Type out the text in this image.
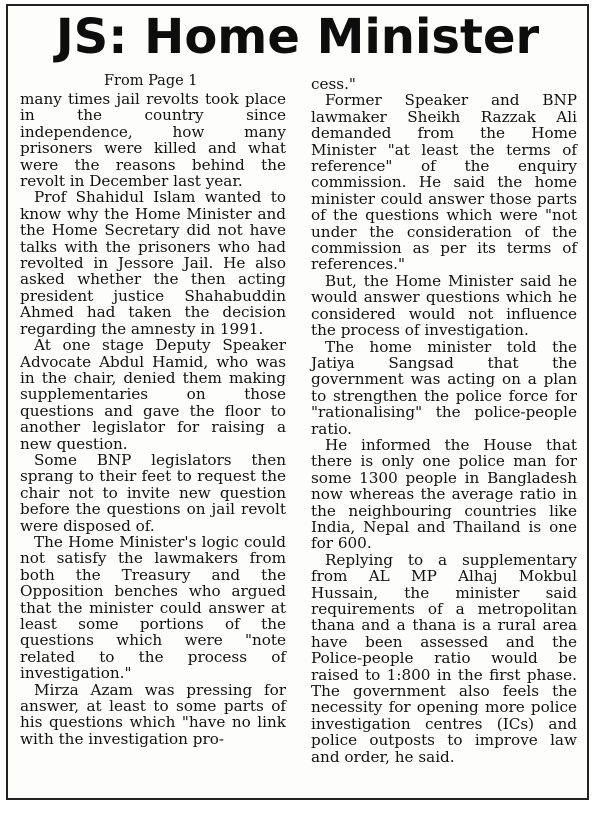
JS: Home Minister
From Page 1

many times jail revolts took place in the country since independence, how many prisoners were killed and what were the reasons behind the revolt in December last year.

Prof Shahidul Islam wanted to know why the Home Minister and the Home Secretary did not have talks with the prisoners who had revolted in Jessore Jail. He also asked whether the then acting president justice Shahabuddin Ahmed had taken the decision regarding the amnesty in 1991.

At one stage Deputy Speaker Advocate Abdul Hamid, who was in the chair, denied them making supplementaries on those questions and gave the floor to another legislator for raising a new question.

Some BNP legislators then sprang to their feet to request the chair not to invite new question before the questions on jail revolt were disposed of.

The Home Minister's logic could not satisfy the lawmakers from both the Treasury and the Opposition benches who argued that the minister could answer at least some portions of the questions which were "note related to the process of investigation."

Mirza Azam was pressing for answer, at least to some parts of his questions which "have no link with the investigation pro-

cess."

Former Speaker and BNP lawmaker Sheikh Razzak Ali demanded from the Home Minister "at least the terms of reference" of the enquiry commission. He said the home minister could answer those parts of the questions which were "not under the consideration of the commission as per its terms of references."

But, the Home Minister said he would answer questions which he considered would not influence the process of investigation.

The home minister told the Jatiya Sangsad that the government was acting on a plan to strengthen the police force for "rationalising" the police-people ratio.

He informed the House that there is only one police man for some 1300 people in Bangladesh now whereas the average ratio in the neighbouring countries like India, Nepal and Thailand is one for 600.

Replying to a supplementary from AL MP Alhaj Mokbul Hussain, the minister said requirements of a metropolitan thana and a thana is a rural area have been assessed and the Police-people ratio would be raised to 1:800 in the first phase. The government also feels the necessity for opening more police investigation centres (ICs) and police outposts to improve law and order, he said.
